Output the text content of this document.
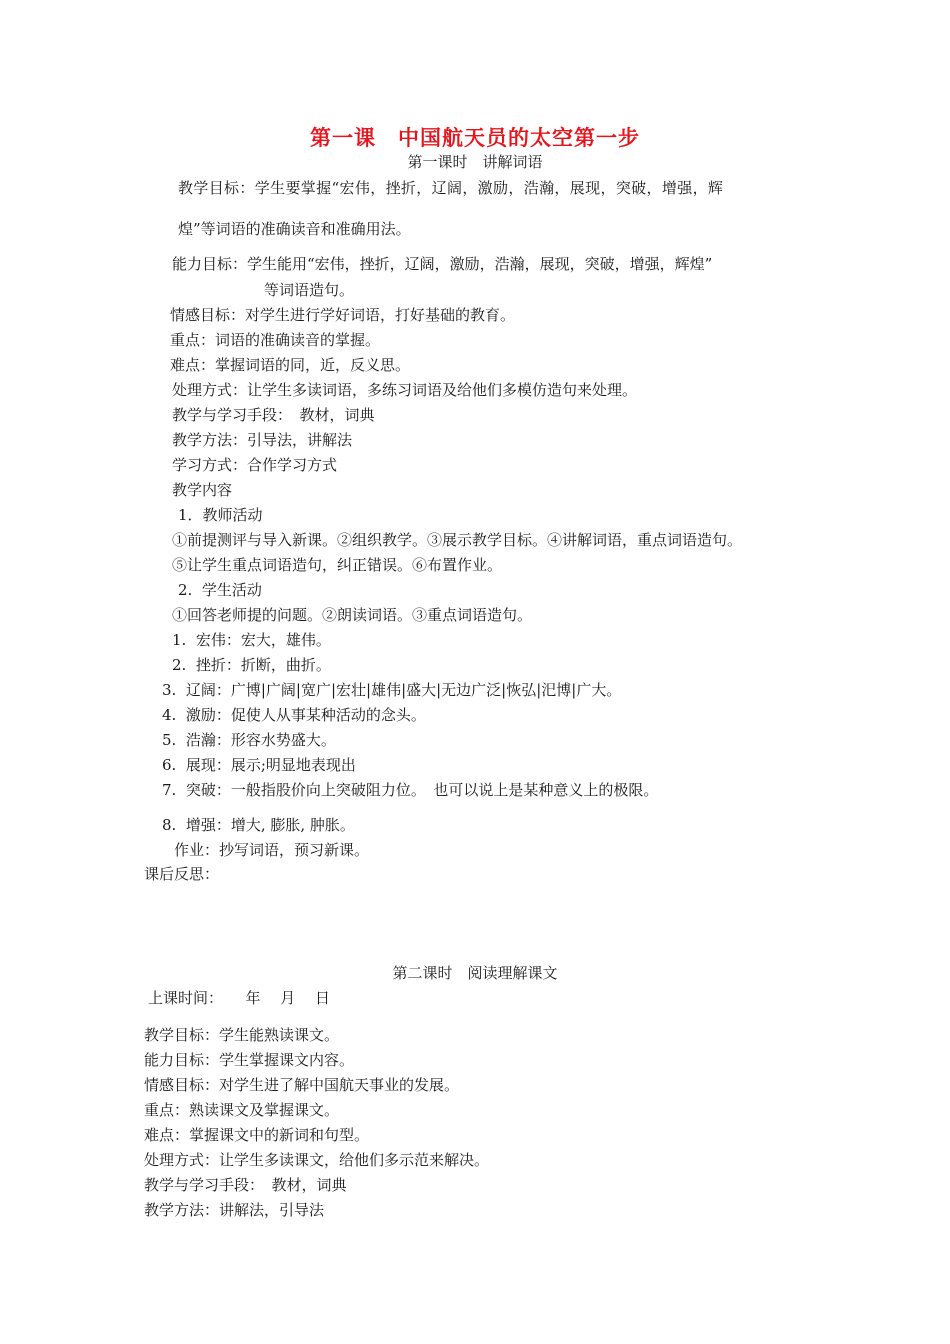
第一课　中国航天员的太空第一步
第一课时　讲解词语
教学目标：学生要掌握“宏伟，挫折，辽阔，激励，浩瀚，展现，突破，增强，辉
煌”等词语的准确读音和准确用法。
能力目标：学生能用“宏伟，挫折，辽阔，激励，浩瀚，展现，突破，增强，辉煌”
等词语造句。
情感目标：对学生进行学好词语，打好基础的教育。
重点：词语的准确读音的掌握。
难点：掌握词语的同，近，反义思。
处理方式：让学生多读词语，多练习词语及给他们多模仿造句来处理。
教学与学习手段：　教材，词典
教学方法：引导法，讲解法
学习方式：合作学习方式
教学内容
1．教师活动
①前提测评与导入新课。②组织教学。③展示教学目标。④讲解词语，重点词语造句。
⑤让学生重点词语造句，纠正错误。⑥布置作业。
2.  学生活动
①回答老师提的问题。②朗读词语。③重点词语造句。
1.  宏伟：宏大，雄伟。
2.  挫折：折断，曲折。
3.  辽阔：广博|广阔|宽广|宏壮|雄伟|盛大|无边广泛|恢弘|汜博|广大。
4.  激励：促使人从事某种活动的念头。
5.  浩瀚：形容水势盛大。
6.  展现：展示;明显地表现出
7.  突破：一般指股价向上突破阻力位。　也可以说上是某种意义上的极限。
8.  增强：增大, 膨胀, 肿胀。
作业：抄写词语，预习新课。
课后反思：
第二课时　阅读理解课文
上课时间：　　年　 月　 日
教学目标：学生能熟读课文。
能力目标：学生掌握课文内容。
情感目标：对学生进了解中国航天事业的发展。
重点：熟读课文及掌握课文。
难点：掌握课文中的新词和句型。
处理方式：让学生多读课文，给他们多示范来解决。
教学与学习手段：　教材，词典
教学方法：讲解法，引导法
